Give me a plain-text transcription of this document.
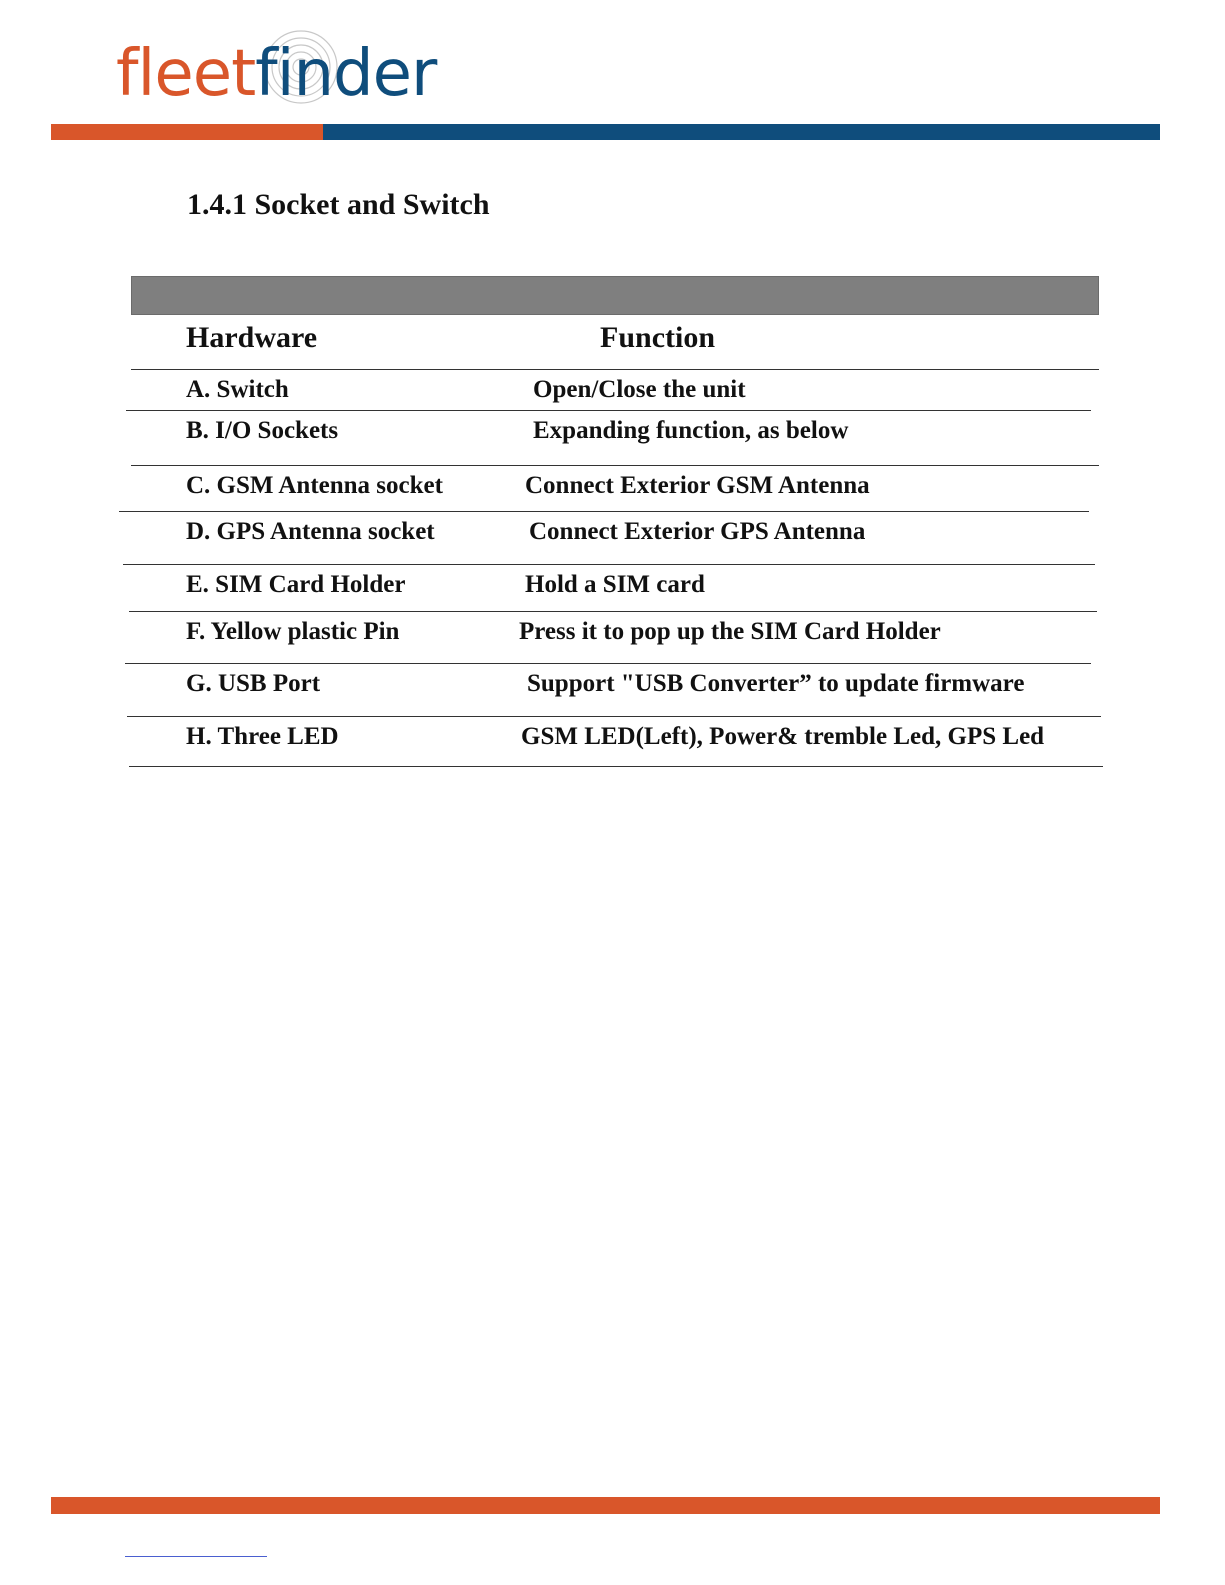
fleetfinder
1.4.1 Socket and Switch
Hardware	Function
A. Switch	Open/Close the unit
B. I/O Sockets	Expanding function, as below
C. GSM Antenna socket	Connect Exterior GSM Antenna
D. GPS Antenna socket	Connect Exterior GPS Antenna
E. SIM Card Holder	Hold a SIM card
F. Yellow plastic Pin	Press it to pop up the SIM Card Holder
G. USB Port	Support "USB Converter” to update firmware
H. Three LED	GSM LED(Left), Power& tremble Led, GPS Led
